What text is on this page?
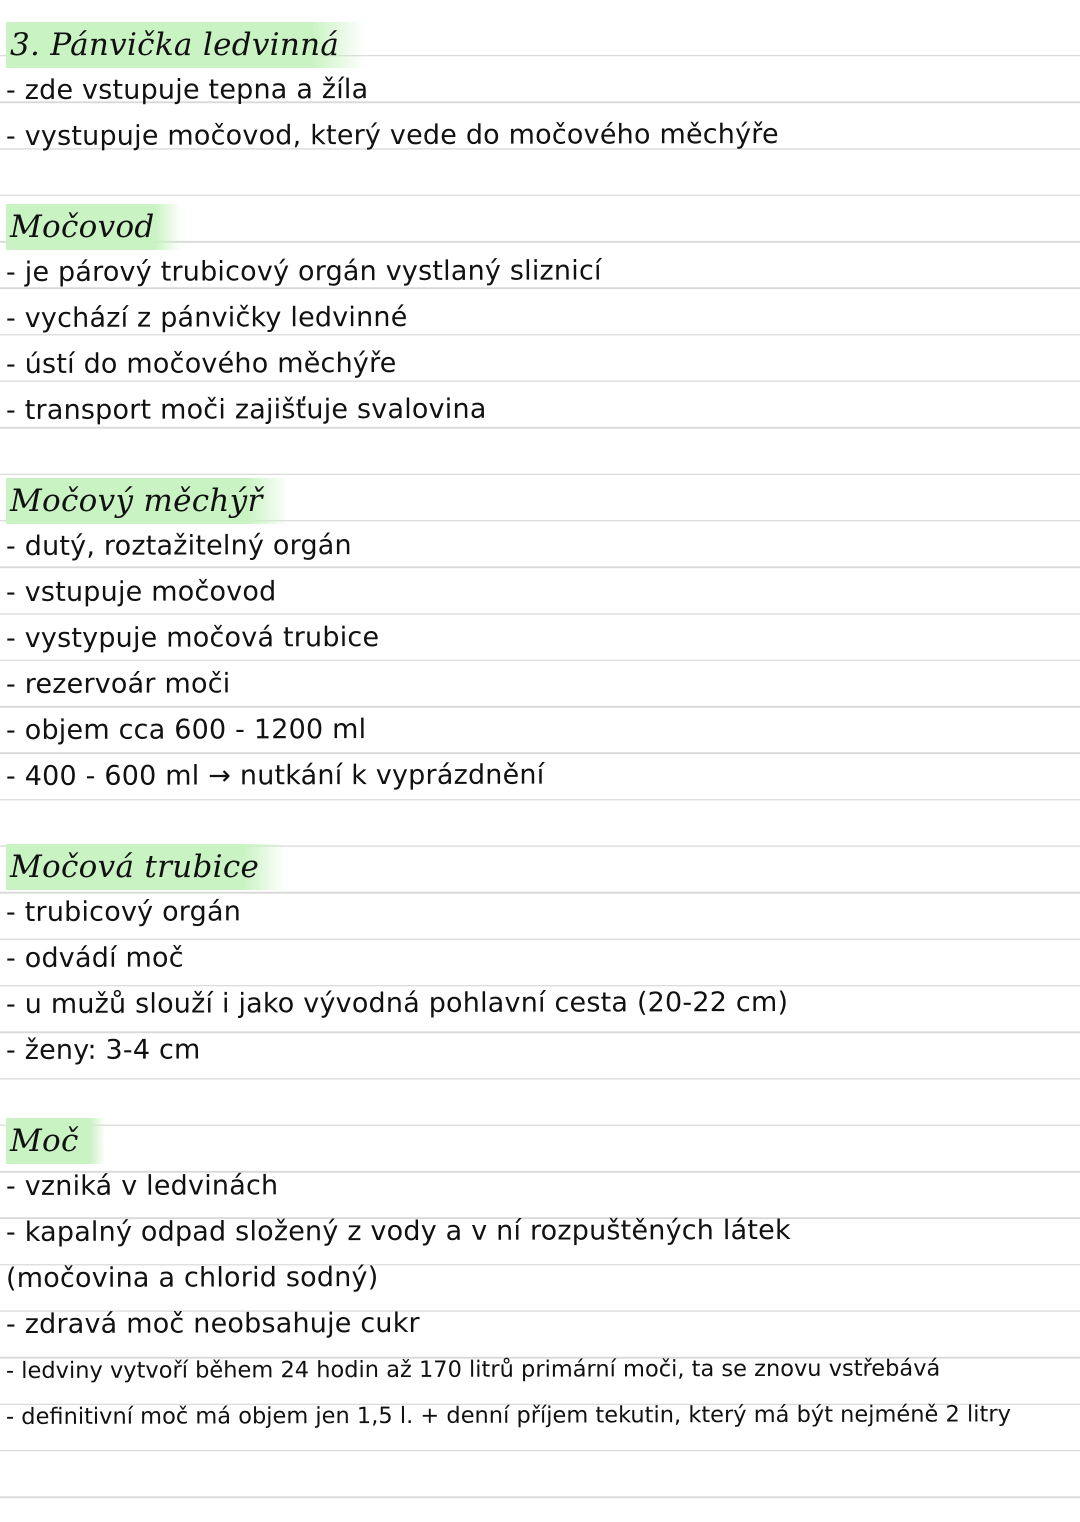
3. Pánvička ledvinná
- zde vstupuje tepna a žíla
- vystupuje močovod, který vede do močového měchýře
Močovod
- je párový trubicový orgán vystlaný sliznicí
- vychází z pánvičky ledvinné
- ústí do močového měchýře
- transport moči zajišťuje svalovina
Močový měchýř
- dutý, roztažitelný orgán
- vstupuje močovod
- vystypuje močová trubice
- rezervoár moči
- objem cca 600 - 1200 ml
- 400 - 600 ml → nutkání k vyprázdnění
Močová trubice
- trubicový orgán
- odvádí moč
- u mužů slouží i jako vývodná pohlavní cesta (20-22 cm)
- ženy: 3-4 cm
Moč
- vzniká v ledvinách
- kapalný odpad složený z vody a v ní rozpuštěných látek
(močovina a chlorid sodný)
- zdravá moč neobsahuje cukr
- ledviny vytvoří během 24 hodin až 170 litrů primární moči, ta se znovu vstřebává
- definitivní moč má objem jen 1,5 l. + denní příjem tekutin, který má být nejméně 2 litry
